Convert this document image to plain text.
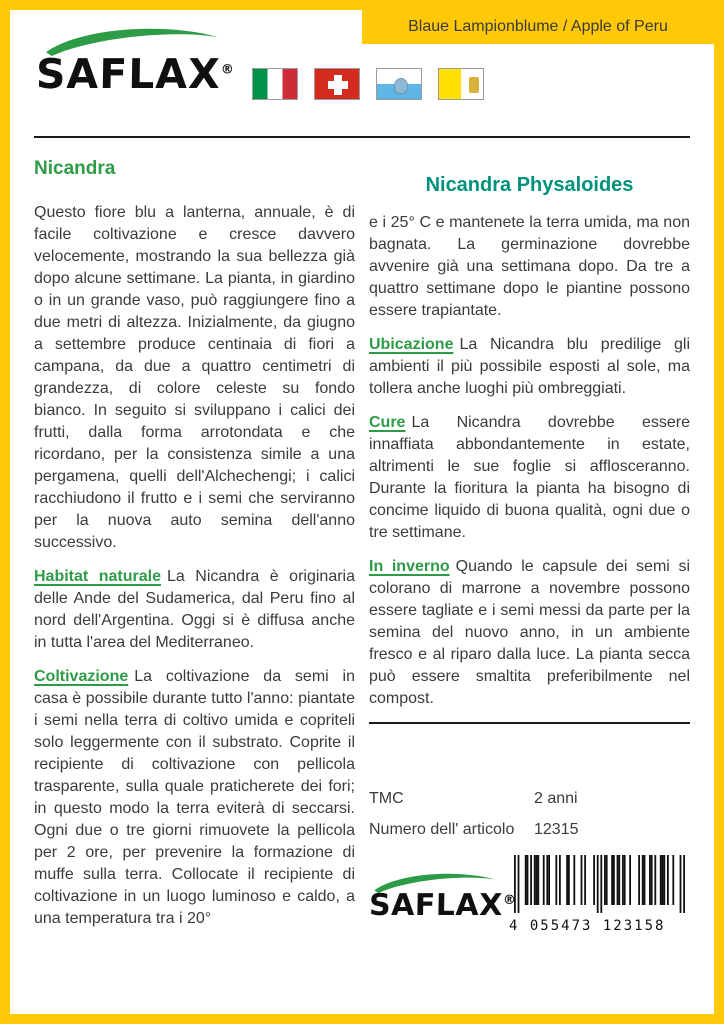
Blaue Lampionblume / Apple of Peru
SAFLAX®
Nicandra

Questo fiore blu a lanterna, annuale, è di facile coltivazione e cresce davvero velocemente, mostrando la sua bellezza già dopo alcune settimane. La pianta, in giardino o in un grande vaso, può raggiungere fino a due metri di altezza. Inizialmente, da giugno a settembre produce centinaia di fiori a campana, da due a quattro centimetri di grandezza, di colore celeste su fondo bianco. In seguito si sviluppano i calici dei frutti, dalla forma arrotondata e che ricordano, per la consistenza simile a una pergamena, quelli dell'Alchechengi; i calici racchiudono il frutto e i semi che serviranno per la nuova auto semina dell'anno successivo.

Habitat naturale La Nicandra è originaria delle Ande del Sudamerica, dal Peru fino al nord dell'Argentina. Oggi si è diffusa anche in tutta l'area del Mediterraneo.

Coltivazione La coltivazione da semi in casa è possibile durante tutto l'anno: piantate i semi nella terra di coltivo umida e copriteli solo leggermente con il substrato. Coprite il recipiente di coltivazione con pellicola trasparente, sulla quale praticherete dei fori; in questo modo la terra eviterà di seccarsi. Ogni due o tre giorni rimuovete la pellicola per 2 ore, per prevenire la formazione di muffe sulla terra. Collocate il recipiente di coltivazione in un luogo luminoso e caldo, a una temperatura tra i 20°

Nicandra Physaloides

e i 25° C e mantenete la terra umida, ma non bagnata. La germinazione dovrebbe avvenire già una settimana dopo. Da tre a quattro settimane dopo le piantine possono essere trapiantate.

Ubicazione La Nicandra blu predilige gli ambienti il più possibile esposti al sole, ma tollera anche luoghi più ombreggiati.

Cure La Nicandra dovrebbe essere innaffiata abbondantemente in estate, altrimenti le sue foglie si afflosceranno. Durante la fioritura la pianta ha bisogno di concime liquido di buona qualità, ogni due o tre settimane.

In inverno Quando le capsule dei semi si colorano di marrone a novembre possono essere tagliate e i semi messi da parte per la semina del nuovo anno, in un ambiente fresco e al riparo dalla luce. La pianta secca può essere smaltita preferibilmente nel compost.

TMC	2 anni
Numero dell' articolo	12315
SAFLAX®
4 055473 123158
